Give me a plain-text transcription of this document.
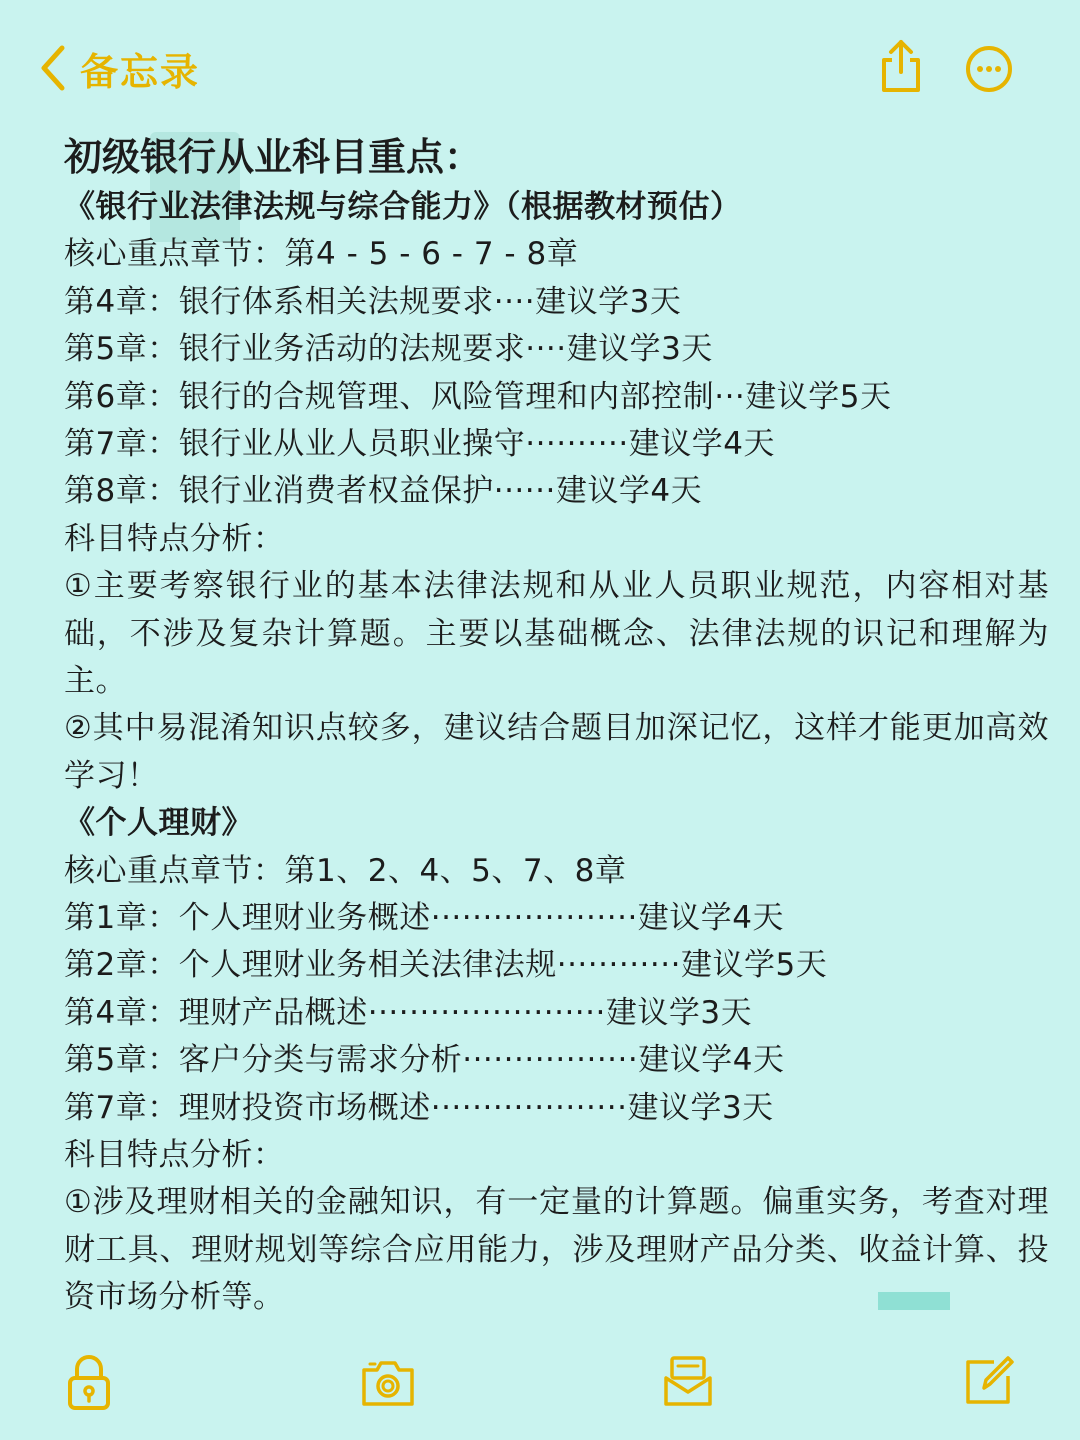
备忘录
初级银行从业科目重点：
《银行业法律法规与综合能力》（根据教材预估）
核心重点章节：第4 - 5 - 6 - 7 - 8章
第4章：银行体系相关法规要求····建议学3天
第5章：银行业务活动的法规要求····建议学3天
第6章：银行的合规管理、风险管理和内部控制···建议学5天
第7章：银行业从业人员职业操守··········建议学4天
第8章：银行业消费者权益保护······建议学4天
科目特点分析：
①主要考察银行业的基本法律法规和从业人员职业规范，内容相对基础，不涉及复杂计算题。主要以基础概念、法律法规的识记和理解为主。
②其中易混淆知识点较多，建议结合题目加深记忆，这样才能更加高效学习！
《个人理财》
核心重点章节：第1、2、4、5、7、8章
第1章：个人理财业务概述····················建议学4天
第2章：个人理财业务相关法律法规············建议学5天
第4章：理财产品概述·······················建议学3天
第5章：客户分类与需求分析·················建议学4天
第7章：理财投资市场概述···················建议学3天
科目特点分析：
①涉及理财相关的金融知识，有一定量的计算题。偏重实务，考查对理财工具、理财规划等综合应用能力，涉及理财产品分类、收益计算、投资市场分析等。
